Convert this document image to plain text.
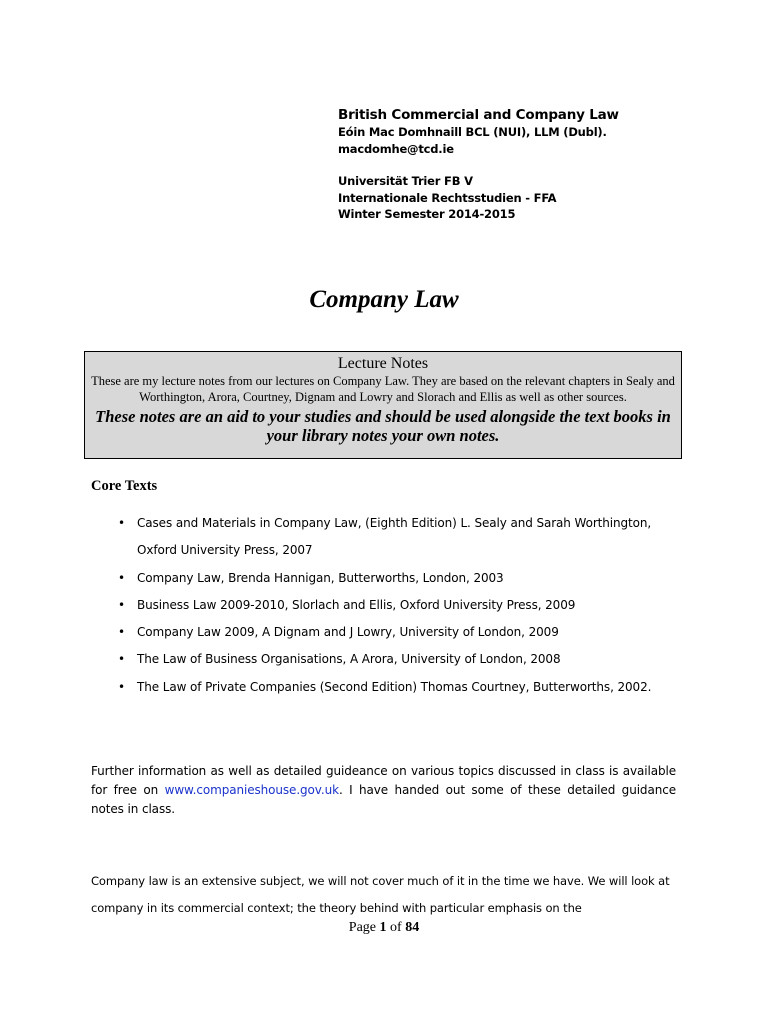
British Commercial and Company Law
Eóin Mac Domhnaill BCL (NUI), LLM (Dubl).
macdomhe@tcd.ie
Universität Trier FB V
Internationale Rechtsstudien - FFA
Winter Semester 2014-2015
Company Law
Lecture Notes
These are my lecture notes from our lectures on Company Law. They are based on the relevant chapters in Sealy and Worthington, Arora, Courtney, Dignam and Lowry and Slorach and Ellis as well as other sources.
These notes are an aid to your studies and should be used alongside the text books in your library notes your own notes.
Core Texts
• Cases and Materials in Company Law, (Eighth Edition) L. Sealy and Sarah Worthington, Oxford University Press, 2007
• Company Law, Brenda Hannigan, Butterworths, London, 2003
• Business Law 2009-2010, Slorlach and Ellis, Oxford University Press, 2009
• Company Law 2009, A Dignam and J Lowry, University of London, 2009
• The Law of Business Organisations, A Arora, University of London, 2008
• The Law of Private Companies (Second Edition) Thomas Courtney, Butterworths, 2002.
Further information as well as detailed guideance on various topics discussed in class is available for free on www.companieshouse.gov.uk. I have handed out some of these detailed guidance notes in class.
Company law is an extensive subject, we will not cover much of it in the time we have. We will look at company in its commercial context; the theory behind with particular emphasis on the
Page 1 of 84
